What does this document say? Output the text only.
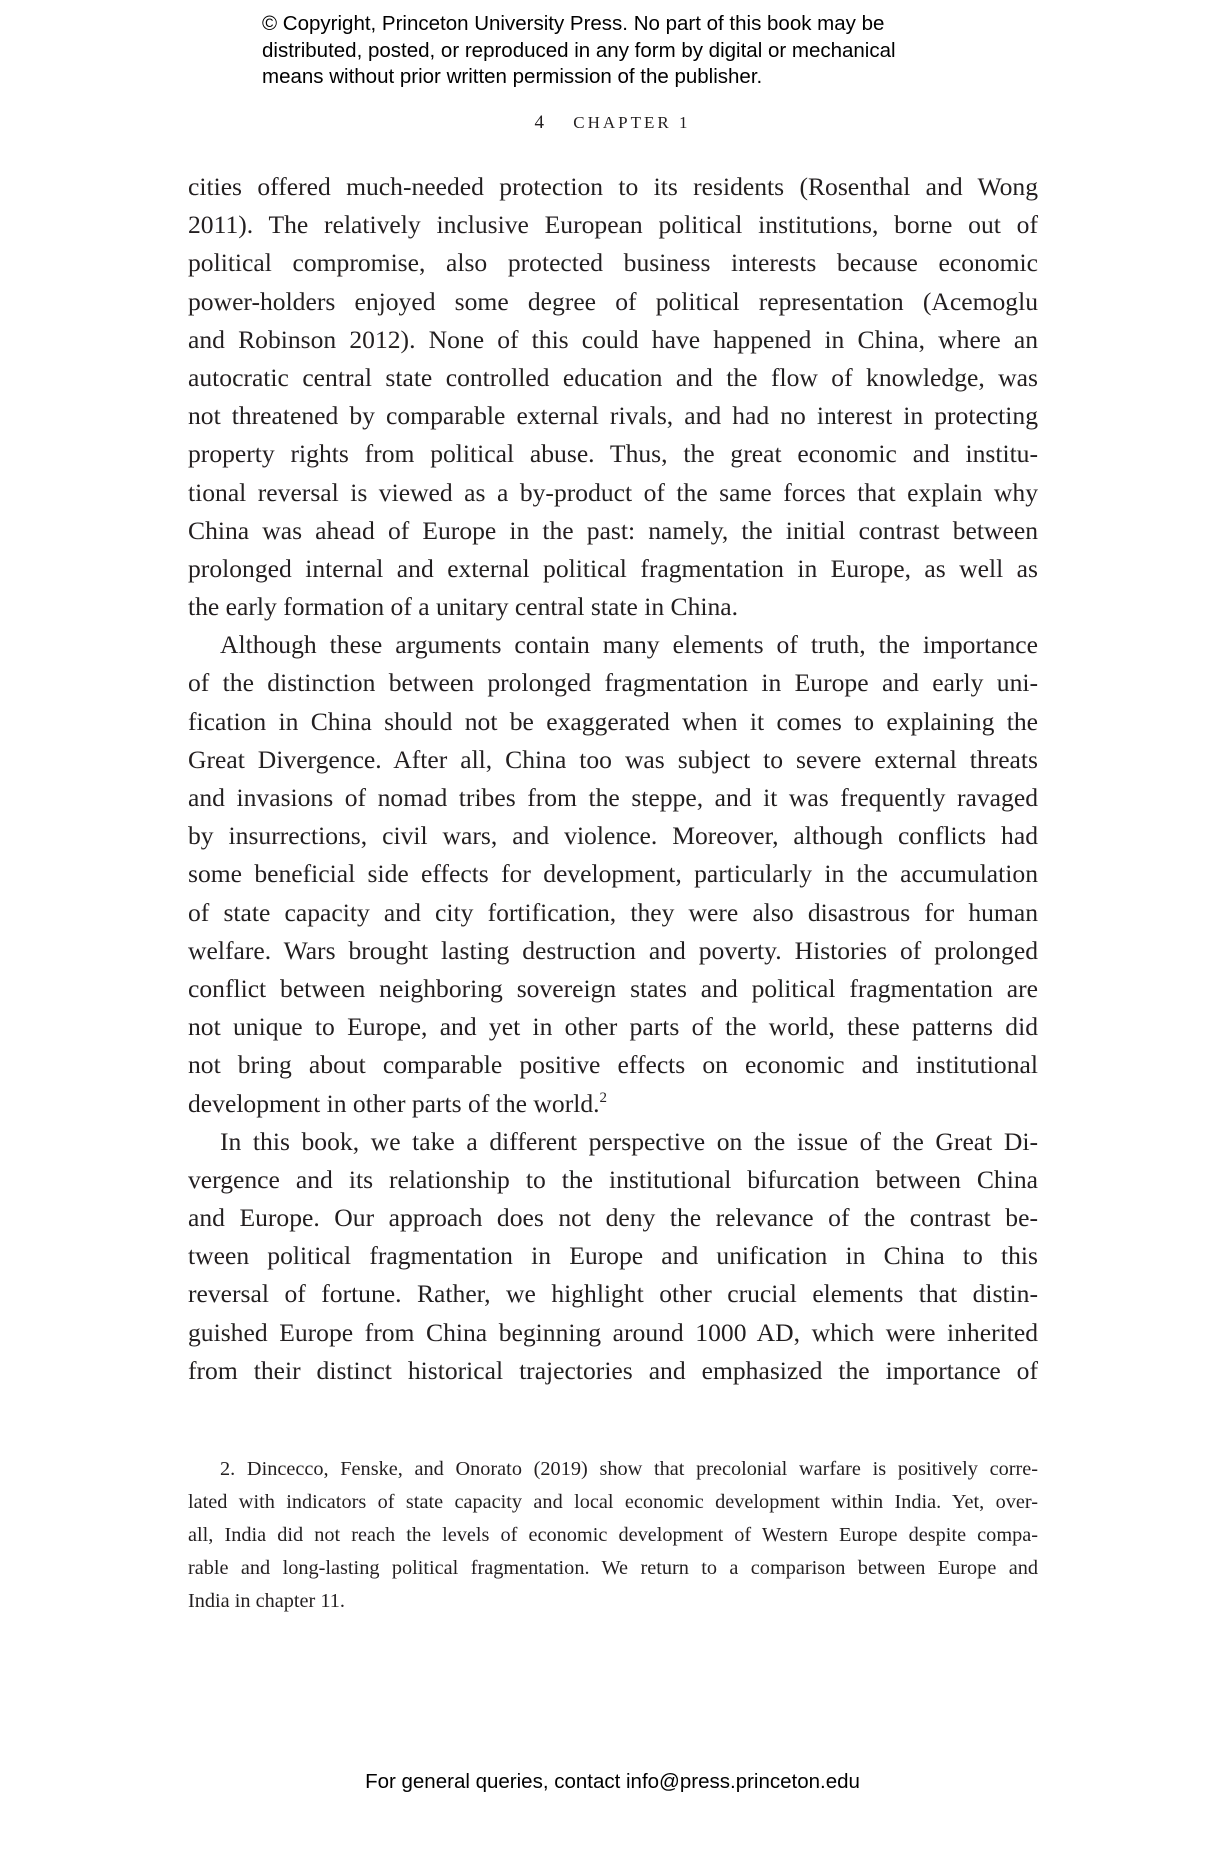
© Copyright, Princeton University Press. No part of this book may be
distributed, posted, or reproduced in any form by digital or mechanical
means without prior written permission of the publisher.
4 CHAPTER 1
cities offered much-needed protection to its residents (Rosenthal and Wong
2011). The relatively inclusive European political institutions, borne out of
political compromise, also protected business interests because economic
power-holders enjoyed some degree of political representation (Acemoglu
and Robinson 2012). None of this could have happened in China, where an
autocratic central state controlled education and the flow of knowledge, was
not threatened by comparable external rivals, and had no interest in protecting
property rights from political abuse. Thus, the great economic and institu-
tional reversal is viewed as a by-product of the same forces that explain why
China was ahead of Europe in the past: namely, the initial contrast between
prolonged internal and external political fragmentation in Europe, as well as
the early formation of a unitary central state in China.
Although these arguments contain many elements of truth, the importance
of the distinction between prolonged fragmentation in Europe and early uni-
fication in China should not be exaggerated when it comes to explaining the
Great Divergence. After all, China too was subject to severe external threats
and invasions of nomad tribes from the steppe, and it was frequently ravaged
by insurrections, civil wars, and violence. Moreover, although conflicts had
some beneficial side effects for development, particularly in the accumulation
of state capacity and city fortification, they were also disastrous for human
welfare. Wars brought lasting destruction and poverty. Histories of prolonged
conflict between neighboring sovereign states and political fragmentation are
not unique to Europe, and yet in other parts of the world, these patterns did
not bring about comparable positive effects on economic and institutional
development in other parts of the world.$^2$
In this book, we take a different perspective on the issue of the Great Di-
vergence and its relationship to the institutional bifurcation between China
and Europe. Our approach does not deny the relevance of the contrast be-
tween political fragmentation in Europe and unification in China to this
reversal of fortune. Rather, we highlight other crucial elements that distin-
guished Europe from China beginning around 1000 AD, which were inherited
from their distinct historical trajectories and emphasized the importance of
2. Dincecco, Fenske, and Onorato (2019) show that precolonial warfare is positively corre-
lated with indicators of state capacity and local economic development within India. Yet, over-
all, India did not reach the levels of economic development of Western Europe despite compa-
rable and long-lasting political fragmentation. We return to a comparison between Europe and
India in chapter 11.
For general queries, contact info@press.princeton.edu
